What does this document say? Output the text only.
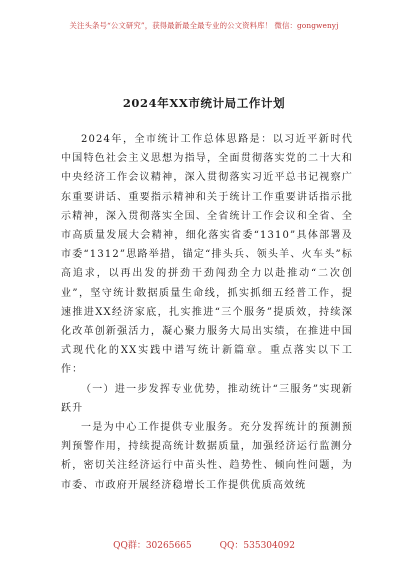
关注头条号“公文研究”，获得最新最全最专业的公文资料库！ 微信：gongwenyj
2024年XX市统计局工作计划

2024年，全市统计工作总体思路是：以习近平新时代中国特色社会主义思想为指导，全面贯彻落实党的二十大和中央经济工作会议精神，深入贯彻落实习近平总书记视察广东重要讲话、重要指示精神和关于统计工作重要讲话指示批示精神，深入贯彻落实全国、全省统计工作会议和全省、全市高质量发展大会精神，细化落实省委“1310”具体部署及市委“1312”思路举措，锚定“排头兵、领头羊、火车头”标高追求，以再出发的拼劲干劲闯劲全力以赴推动“二次创业”，坚守统计数据质量生命线，抓实抓细五经普工作，提速推进XX经济家底，扎实推进“三个服务”提质效，持续深化改革创新强活力，凝心聚力服务大局出实绩，在推进中国式现代化的XX实践中谱写统计新篇章。重点落实以下工作：

（一）进一步发挥专业优势，推动统计“三服务”实现新跃升

一是为中心工作提供专业服务。充分发挥统计的预测预判预警作用，持续提高统计数据质量，加强经济运行监测分析，密切关注经济运行中苗头性、趋势性、倾向性问题，为市委、市政府开展经济稳增长工作提供优质高效统

QQ群：30265665	QQ：535304092
